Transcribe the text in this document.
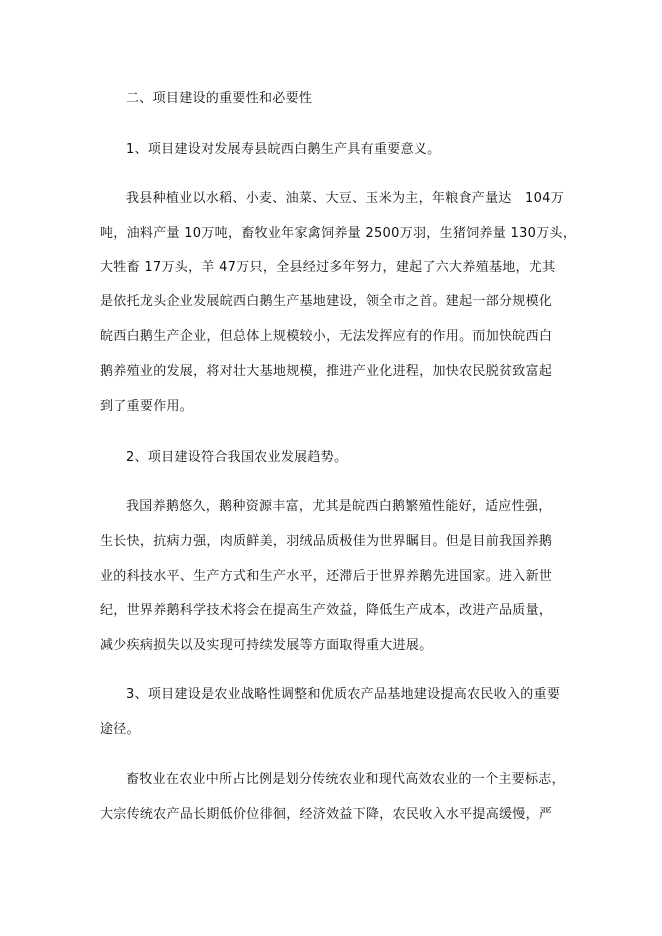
二、项目建设的重要性和必要性
1、项目建设对发展寿县皖西白鹅生产具有重要意义。
我县种植业以水稻、小麦、油菜、大豆、玉米为主，年粮食产量达　104万
吨，油料产量 10万吨，畜牧业年家禽饲养量 2500万羽，生猪饲养量 130万头，
大牲畜 17万头，羊 47万只，全县经过多年努力，建起了六大养殖基地，尤其
是依托龙头企业发展皖西白鹅生产基地建设，领全市之首。建起一部分规模化
皖西白鹅生产企业，但总体上规模较小，无法发挥应有的作用。而加快皖西白
鹅养殖业的发展，将对壮大基地规模，推进产业化进程，加快农民脱贫致富起
到了重要作用。
2、项目建设符合我国农业发展趋势。
我国养鹅悠久，鹅种资源丰富，尤其是皖西白鹅繁殖性能好，适应性强，
生长快，抗病力强，肉质鲜美，羽绒品质极佳为世界瞩目。但是目前我国养鹅
业的科技水平、生产方式和生产水平，还滞后于世界养鹅先进国家。进入新世
纪，世界养鹅科学技术将会在提高生产效益，降低生产成本，改进产品质量，
减少疾病损失以及实现可持续发展等方面取得重大进展。
3、项目建设是农业战略性调整和优质农产品基地建设提高农民收入的重要
途径。
畜牧业在农业中所占比例是划分传统农业和现代高效农业的一个主要标志，
大宗传统农产品长期低价位徘徊，经济效益下降，农民收入水平提高缓慢，严
